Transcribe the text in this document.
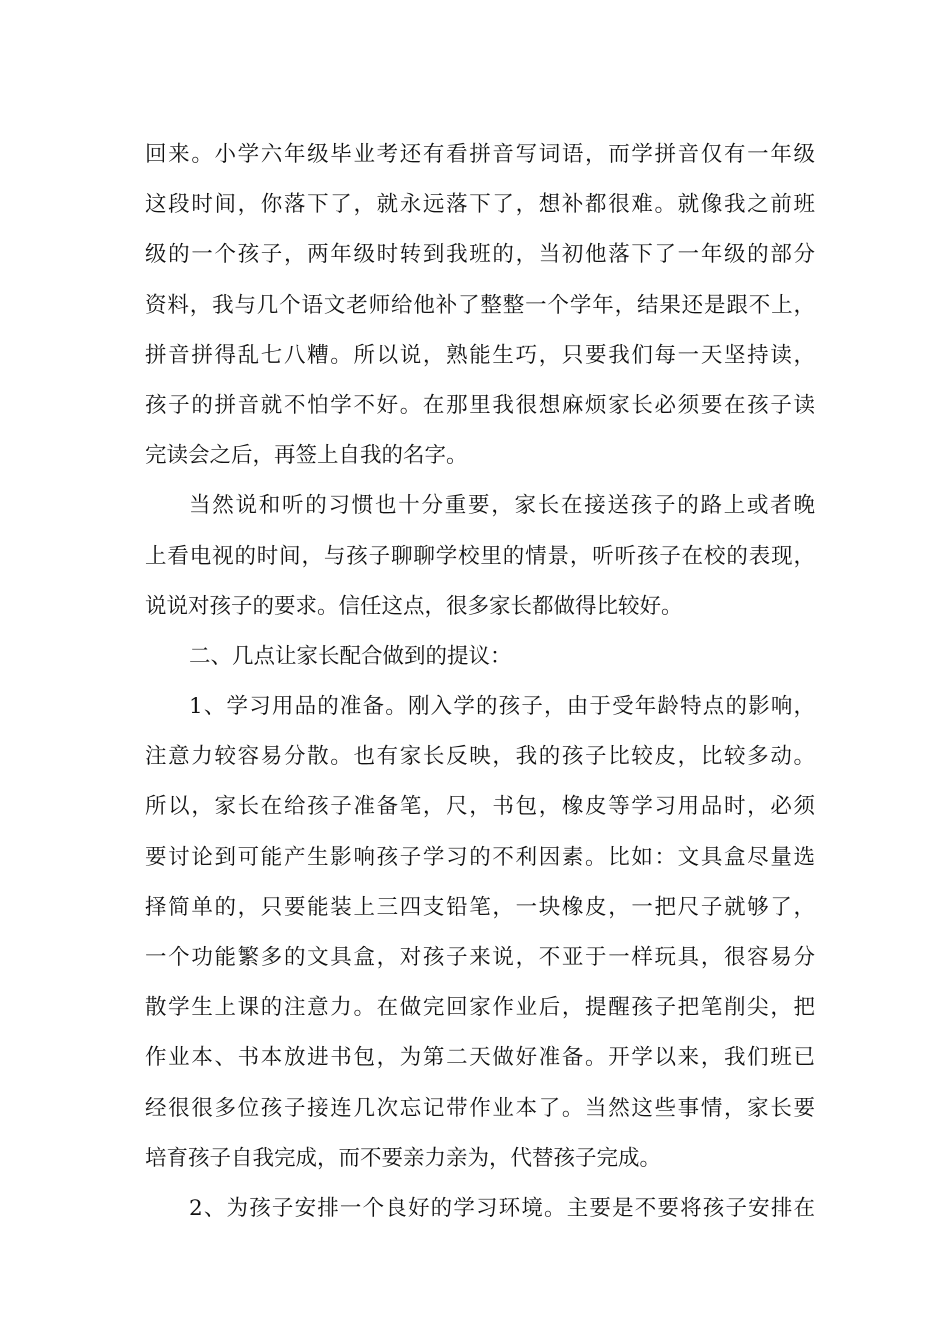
回来。小学六年级毕业考还有看拼音写词语，而学拼音仅有一年级
这段时间，你落下了，就永远落下了，想补都很难。就像我之前班
级的一个孩子，两年级时转到我班的，当初他落下了一年级的部分
资料，我与几个语文老师给他补了整整一个学年，结果还是跟不上，
拼音拼得乱七八糟。所以说，熟能生巧，只要我们每一天坚持读，
孩子的拼音就不怕学不好。在那里我很想麻烦家长必须要在孩子读
完读会之后，再签上自我的名字。
当然说和听的习惯也十分重要，家长在接送孩子的路上或者晚
上看电视的时间，与孩子聊聊学校里的情景，听听孩子在校的表现，
说说对孩子的要求。信任这点，很多家长都做得比较好。
二、几点让家长配合做到的提议：
1、学习用品的准备。刚入学的孩子，由于受年龄特点的影响，
注意力较容易分散。也有家长反映，我的孩子比较皮，比较多动。
所以，家长在给孩子准备笔，尺，书包，橡皮等学习用品时，必须
要讨论到可能产生影响孩子学习的不利因素。比如：文具盒尽量选
择简单的，只要能装上三四支铅笔，一块橡皮，一把尺子就够了，
一个功能繁多的文具盒，对孩子来说，不亚于一样玩具，很容易分
散学生上课的注意力。在做完回家作业后，提醒孩子把笔削尖，把
作业本、书本放进书包，为第二天做好准备。开学以来，我们班已
经很很多位孩子接连几次忘记带作业本了。当然这些事情，家长要
培育孩子自我完成，而不要亲力亲为，代替孩子完成。
2、为孩子安排一个良好的学习环境。主要是不要将孩子安排在
